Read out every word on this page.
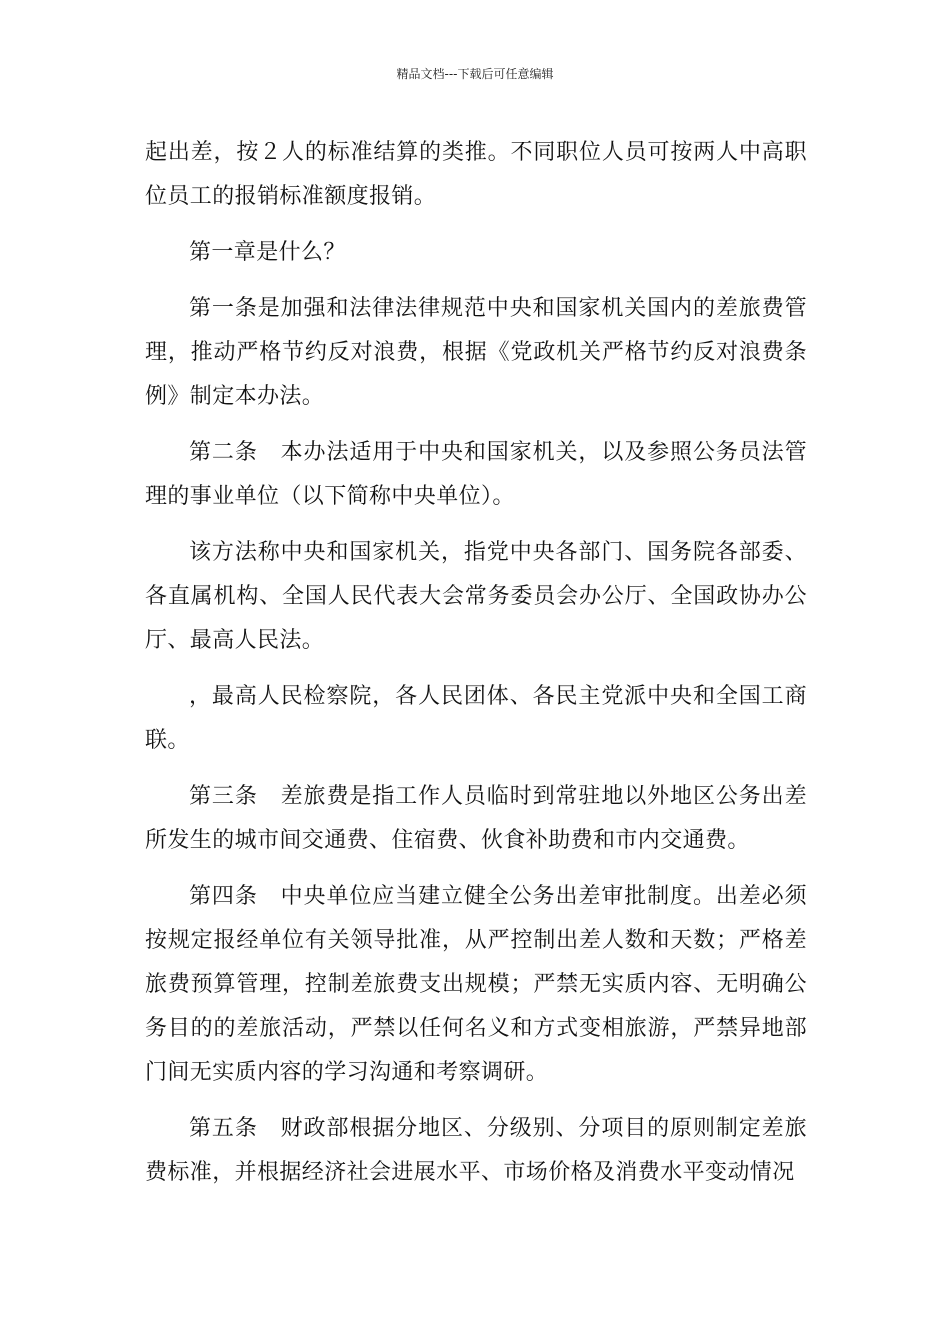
精品文档---下载后可任意编辑

起出差，按２人的标准结算的类推。不同职位人员可按两人中高职位员工的报销标准额度报销。

第一章是什么？

第一条是加强和法律法律规范中央和国家机关国内的差旅费管理，推动严格节约反对浪费，根据《党政机关严格节约反对浪费条例》制定本办法。

第二条　本办法适用于中央和国家机关，以及参照公务员法管理的事业单位（以下简称中央单位）。

该方法称中央和国家机关，指党中央各部门、国务院各部委、各直属机构、全国人民代表大会常务委员会办公厅、全国政协办公厅、最高人民法。

，最高人民检察院，各人民团体、各民主党派中央和全国工商联。

第三条　差旅费是指工作人员临时到常驻地以外地区公务出差所发生的城市间交通费、住宿费、伙食补助费和市内交通费。

第四条　中央单位应当建立健全公务出差审批制度。出差必须按规定报经单位有关领导批准，从严控制出差人数和天数；严格差旅费预算管理，控制差旅费支出规模；严禁无实质内容、无明确公务目的的差旅活动，严禁以任何名义和方式变相旅游，严禁异地部门间无实质内容的学习沟通和考察调研。

第五条　财政部根据分地区、分级别、分项目的原则制定差旅费标准，并根据经济社会进展水平、市场价格及消费水平变动情况
